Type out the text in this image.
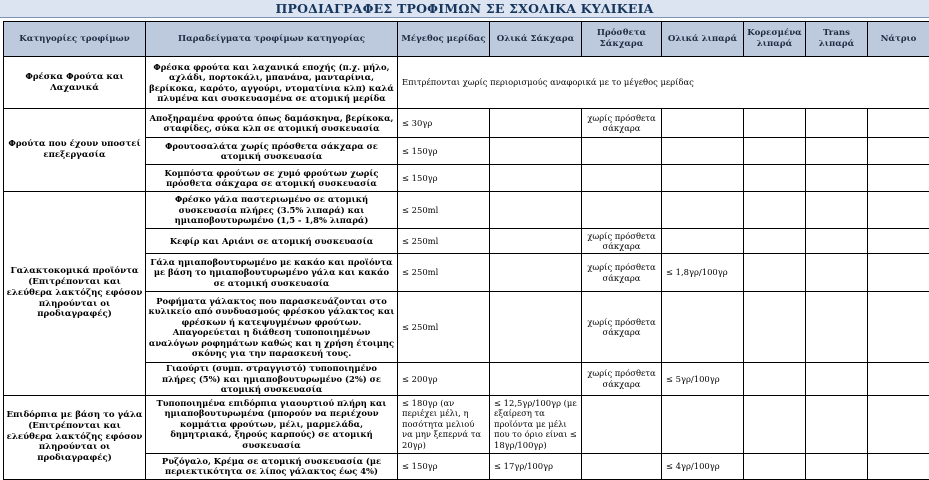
ΠΡΟΔΙΑΓΡΑΦΕΣ ΤΡΟΦΙΜΩΝ ΣΕ ΣΧΟΛΙΚΑ ΚΥΛΙΚΕΙΑ
Κατηγορίες τροφίμων	Παραδείγματα τροφίμων κατηγορίας	Μέγεθος μερίδας	Ολικά Σάκχαρα	Πρόσθετα Σάκχαρα	Ολικά λιπαρά	Κορεσμένα λιπαρά	Trans λιπαρά	Νάτριο
Φρέσκα Φρούτα και Λαχανικά	Φρέσκα φρούτα και λαχανικά εποχής (π.χ. μήλο, αχλάδι, πορτοκάλι, μπανάνα, μανταρίνια, βερίκοκα, καρότο, αγγούρι, ντοματίνια κλπ) καλά πλυμένα και συσκευασμένα σε ατομική μερίδα	Επιτρέπονται χωρίς περιορισμούς αναφορικά με το μέγεθος μερίδας						
Φρούτα που έχουν υποστεί επεξεργασία	Αποξηραμένα φρούτα όπως δαμάσκηνα, βερίκοκα, σταφίδες, σύκα κλπ σε ατομική συσκευασία	≤ 30γρ		χωρίς πρόσθετα σάκχαρα				
	Φρουτοσαλάτα χωρίς πρόσθετα σάκχαρα σε ατομική συσκευασία	≤ 150γρ						
	Κομπόστα φρούτων σε χυμό φρούτων χωρίς πρόσθετα σάκχαρα σε ατομική συσκευασία	≤ 150γρ						
Γαλακτοκομικά προϊόντα (Επιτρέπονται και ελεύθερα λακτόζης εφόσον πληρούνται οι προδιαγραφές)	Φρέσκο γάλα παστεριωμένο σε ατομική συσκευασία πλήρες (3.5% λιπαρά) και ημιαποβουτυρωμένο (1,5 - 1,8% λιπαρά)	≤ 250ml						
	Κεφίρ και Αριάνι σε ατομική συσκευασία	≤ 250ml		χωρίς πρόσθετα σάκχαρα				
	Γάλα ημιαποβουτυρωμένο με κακάο και προϊόντα με βάση το ημιαποβουτυρωμένο γάλα και κακάο σε ατομική συσκευασία	≤ 250ml		χωρίς πρόσθετα σάκχαρα	≤ 1,8γρ/100γρ			
	Ροφήματα γάλακτος που παρασκευάζονται στο κυλικείο από συνδυασμούς φρέσκου γάλακτος και φρέσκων ή κατεψυγμένων φρούτων. Απαγορεύεται η διάθεση τυποποιημένων αναλόγων ροφημάτων καθώς και η χρήση έτοιμης σκόνης για την παρασκευή τους.	≤ 250ml		χωρίς πρόσθετα σάκχαρα				
	Γιαούρτι (συμπ. στραγγιστό) τυποποιημένο πλήρες (5%) και ημιαποβουτυρωμένο (2%) σε ατομική συσκευασία	≤ 200γρ		χωρίς πρόσθετα σάκχαρα	≤ 5γρ/100γρ			
Επιδόρπια με βάση το γάλα (Επιτρέπονται και ελεύθερα λακτόζης εφόσον πληρούνται οι προδιαγραφές)	Τυποποιημένα επιδόρπια γιαουρτιού πλήρη και ημιαποβουτυρωμένα (μπορούν να περιέχουν κομμάτια φρούτων, μέλι, μαρμελάδα, δημητριακά, ξηρούς καρπούς) σε ατομική συσκευασία	≤ 180γρ (αν περιέχει μέλι, η ποσότητα μελιού να μην ξεπερνά τα 20γρ)	≤ 12,5γρ/100γρ (με εξαίρεση τα προϊόντα με μέλι που το όριο είναι ≤ 18γρ/100γρ)					
	Ρυζόγαλο, Κρέμα σε ατομική συσκευασία (με περιεκτικότητα σε λίπος γάλακτος έως 4%)	≤ 150γρ	≤ 17γρ/100γρ		≤ 4γρ/100γρ			
